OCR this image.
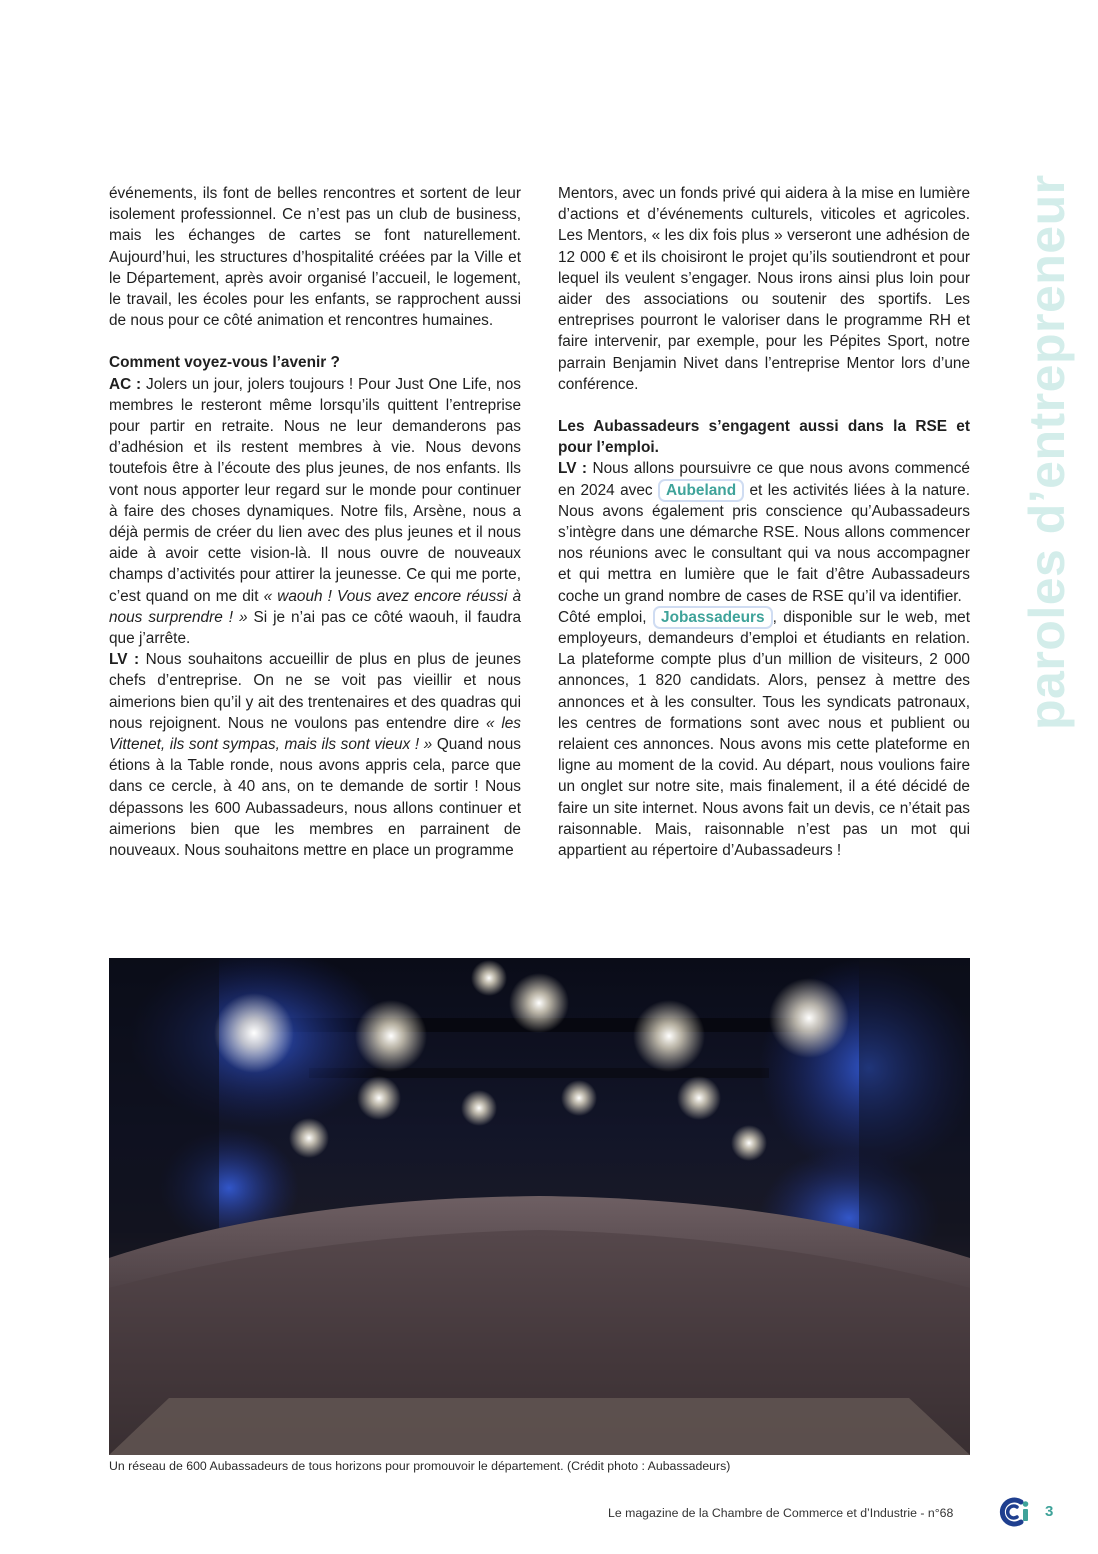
paroles d’entrepreneur

événements, ils font de belles rencontres et sortent de leur isolement professionnel. Ce n’est pas un club de business, mais les échanges de cartes se font naturellement. Aujourd’hui, les structures d’hospitalité créées par la Ville et le Département, après avoir organisé l’accueil, le logement, le travail, les écoles pour les enfants, se rapprochent aussi de nous pour ce côté animation et rencontres humaines.

Comment voyez-vous l’avenir ?

AC : Jolers un jour, jolers toujours ! Pour Just One Life, nos membres le resteront même lorsqu’ils quittent l’entreprise pour partir en retraite. Nous ne leur demanderons pas d’adhésion et ils restent membres à vie. Nous devons toutefois être à l’écoute des plus jeunes, de nos enfants. Ils vont nous apporter leur regard sur le monde pour continuer à faire des choses dynamiques. Notre fils, Arsène, nous a déjà permis de créer du lien avec des plus jeunes et il nous aide à avoir cette vision-là. Il nous ouvre de nouveaux champs d’activités pour attirer la jeunesse. Ce qui me porte, c’est quand on me dit « waouh ! Vous avez encore réussi à nous surprendre ! » Si je n’ai pas ce côté waouh, il faudra que j’arrête.

LV : Nous souhaitons accueillir de plus en plus de jeunes chefs d’entreprise. On ne se voit pas vieillir et nous aimerions bien qu’il y ait des trentenaires et des quadras qui nous rejoignent. Nous ne voulons pas entendre dire « les Vittenet, ils sont sympas, mais ils sont vieux ! » Quand nous étions à la Table ronde, nous avons appris cela, parce que dans ce cercle, à 40 ans, on te demande de sortir ! Nous dépassons les 600 Aubassadeurs, nous allons continuer et aimerions bien que les membres en parrainent de nouveaux. Nous souhaitons mettre en place un programme

Mentors, avec un fonds privé qui aidera à la mise en lumière d’actions et d’événements culturels, viticoles et agricoles. Les Mentors, « les dix fois plus » verseront une adhésion de 12 000 € et ils choisiront le projet qu’ils soutiendront et pour lequel ils veulent s’engager. Nous irons ainsi plus loin pour aider des associations ou soutenir des sportifs. Les entreprises pourront le valoriser dans le programme RH et faire intervenir, par exemple, pour les Pépites Sport, notre parrain Benjamin Nivet dans l’entreprise Mentor lors d’une conférence.

Les Aubassadeurs s’engagent aussi dans la RSE et pour l’emploi.

LV : Nous allons poursuivre ce que nous avons commencé en 2024 avec Aubeland et les activités liées à la nature. Nous avons également pris conscience qu’Aubassadeurs s’intègre dans une démarche RSE. Nous allons commencer nos réunions avec le consultant qui va nous accompagner et qui mettra en lumière que le fait d’être Aubassadeurs coche un grand nombre de cases de RSE qu’il va identifier.

Côté emploi, Jobassadeurs , disponible sur le web, met employeurs, demandeurs d’emploi et étudiants en relation. La plateforme compte plus d’un million de visiteurs, 2 000 annonces, 1 820 candidats. Alors, pensez à mettre des annonces et à les consulter. Tous les syndicats patronaux, les centres de formations sont avec nous et publient ou relaient ces annonces. Nous avons mis cette plateforme en ligne au moment de la covid. Au départ, nous voulions faire un onglet sur notre site, mais finalement, il a été décidé de faire un site internet. Nous avons fait un devis, ce n’était pas raisonnable. Mais, raisonnable n’est pas un mot qui appartient au répertoire d’Aubassadeurs !

Un réseau de 600 Aubassadeurs de tous horizons pour promouvoir le département. (Crédit photo : Aubassadeurs)
Le magazine de la Chambre de Commerce et d’Industrie - n°68	3
